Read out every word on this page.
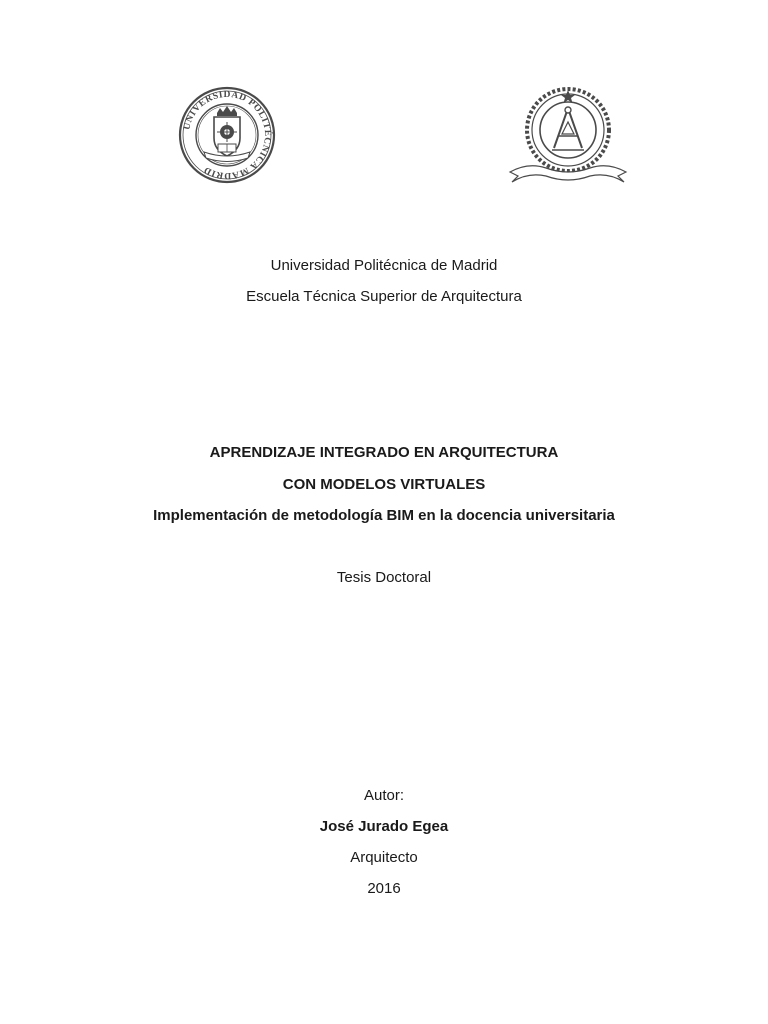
UNIVERSIDAD POLITÉCNICA MADRID
Universidad Politécnica de Madrid
Escuela Técnica Superior de Arquitectura
APRENDIZAJE INTEGRADO EN ARQUITECTURA
CON MODELOS VIRTUALES
Implementación de metodología BIM en la docencia universitaria
Tesis Doctoral
Autor:
José Jurado Egea
Arquitecto
2016
